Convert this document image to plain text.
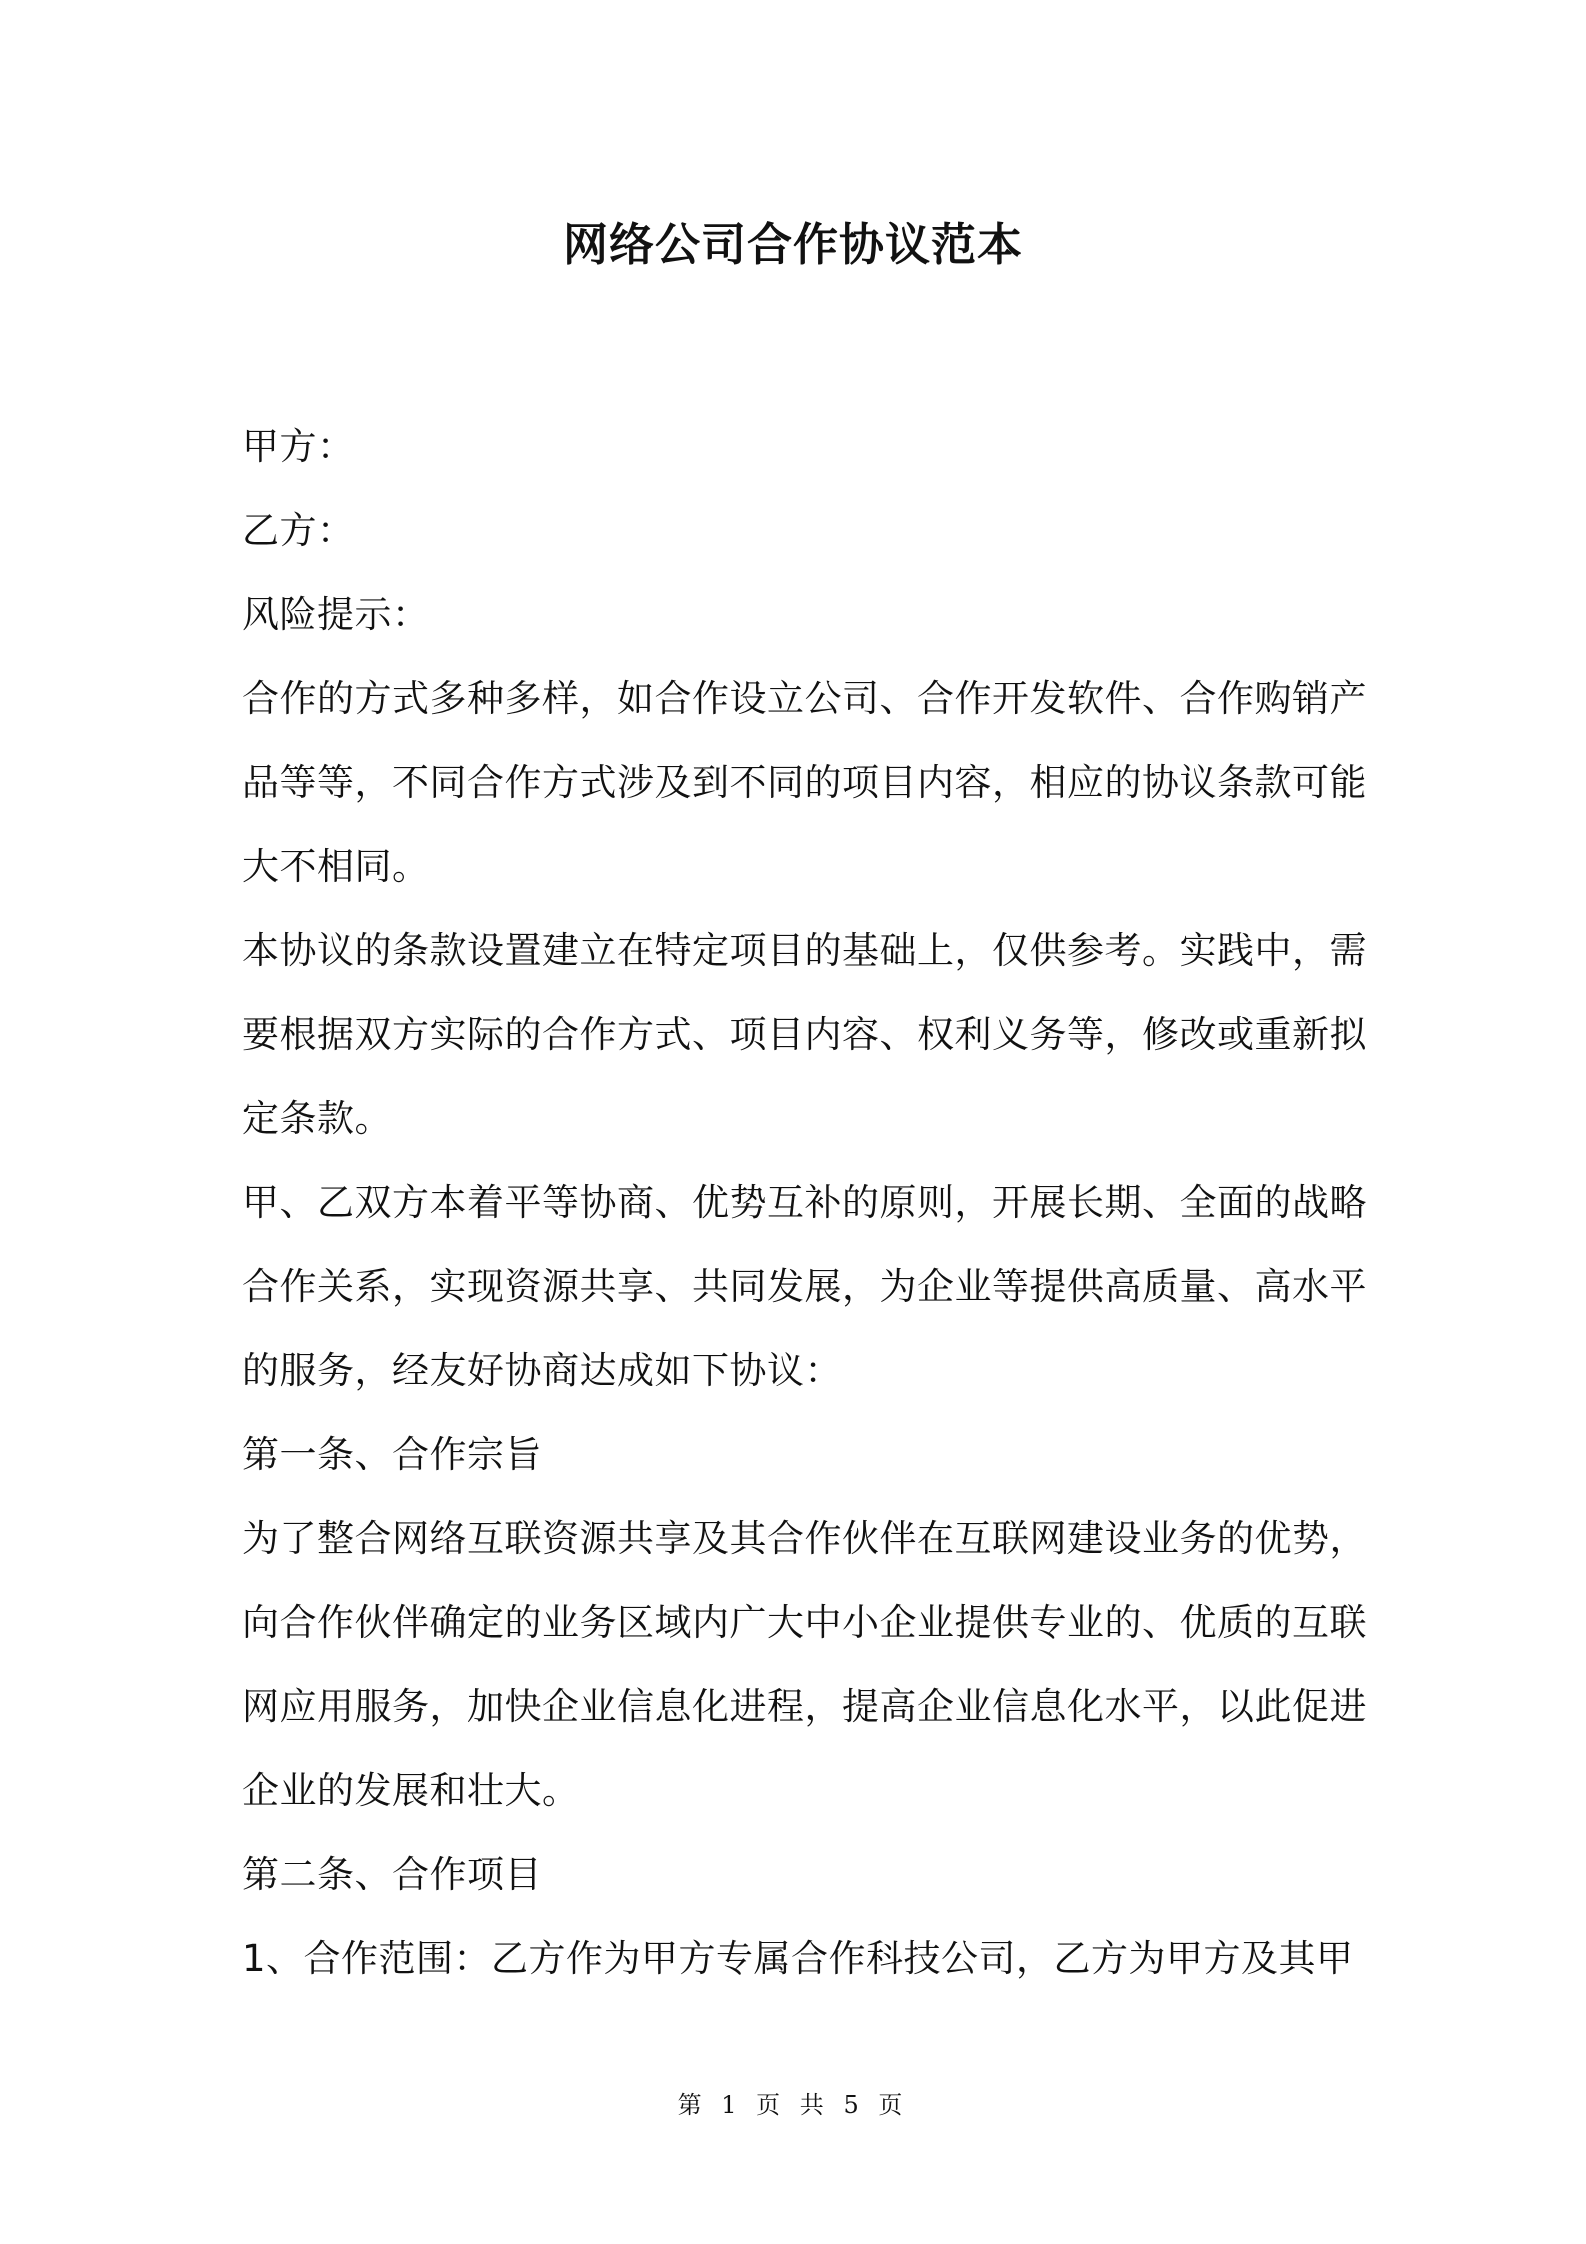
网络公司合作协议范本

甲方：

乙方：

风险提示：

合作的方式多种多样，如合作设立公司、合作开发软件、合作购销产品等等，不同合作方式涉及到不同的项目内容，相应的协议条款可能大不相同。

本协议的条款设置建立在特定项目的基础上，仅供参考。实践中，需要根据双方实际的合作方式、项目内容、权利义务等，修改或重新拟定条款。

甲、乙双方本着平等协商、优势互补的原则，开展长期、全面的战略合作关系，实现资源共享、共同发展，为企业等提供高质量、高水平的服务，经友好协商达成如下协议：

第一条、合作宗旨

为了整合网络互联资源共享及其合作伙伴在互联网建设业务的优势，向合作伙伴确定的业务区域内广大中小企业提供专业的、优质的互联网应用服务，加快企业信息化进程，提高企业信息化水平，以此促进企业的发展和壮大。

第二条、合作项目

1、合作范围：乙方作为甲方专属合作科技公司，乙方为甲方及其甲

第 1 页 共 5 页
